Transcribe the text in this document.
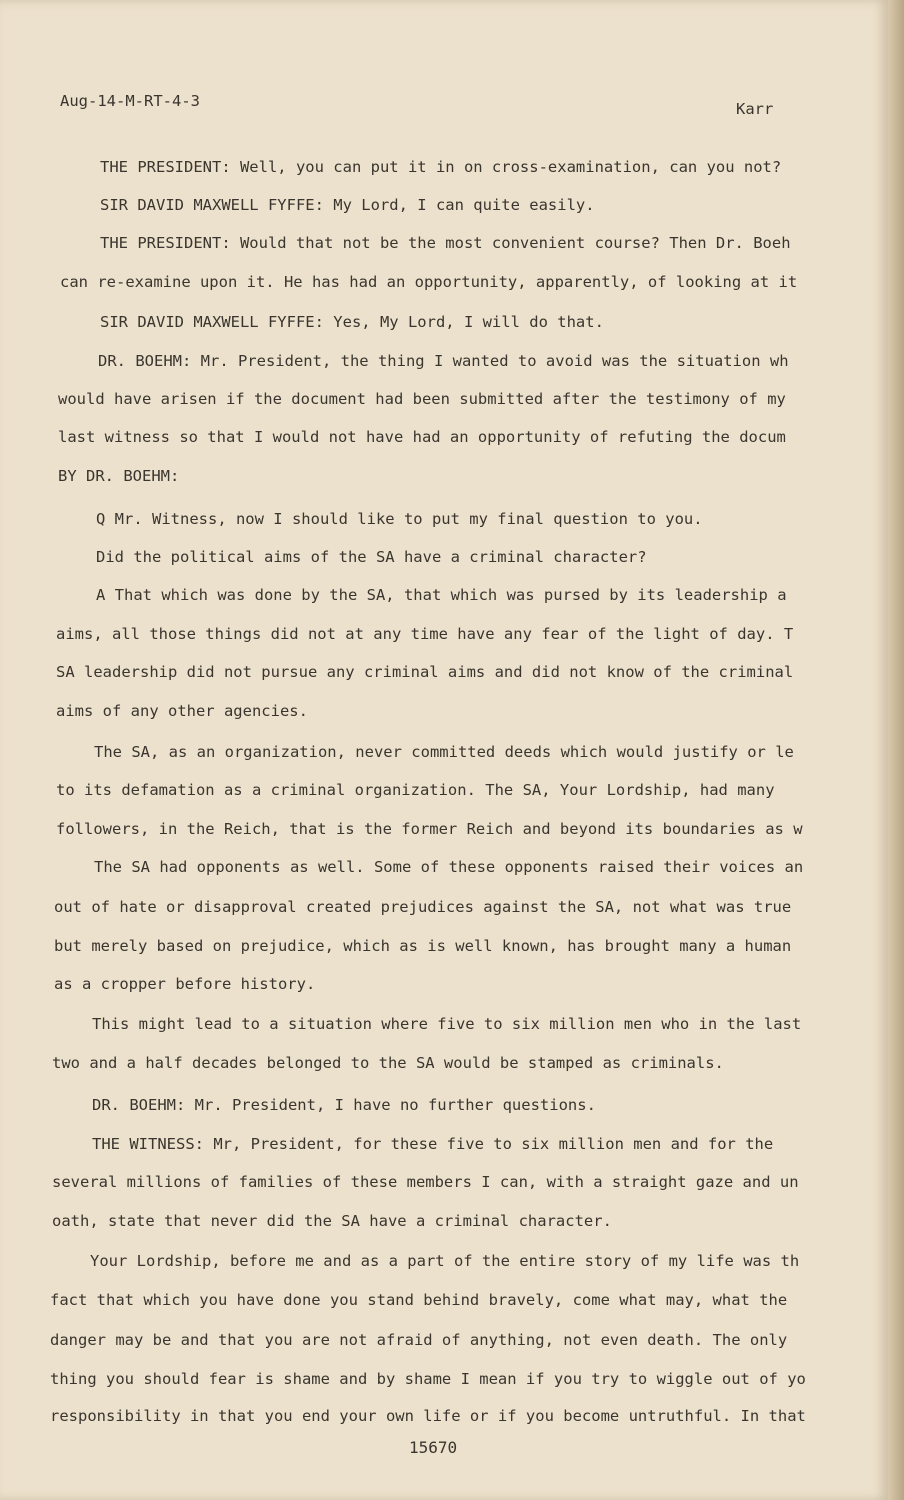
Aug-14-M-RT-4-3	Karr
THE PRESIDENT: Well, you can put it in on cross-examination, can you not?
SIR DAVID MAXWELL FYFFE: My Lord, I can quite easily.
THE PRESIDENT: Would that not be the most convenient course? Then Dr. Boeh
can re-examine upon it. He has had an opportunity, apparently, of looking at it
SIR DAVID MAXWELL FYFFE: Yes, My Lord, I will do that.
DR. BOEHM: Mr. President, the thing I wanted to avoid was the situation wh
would have arisen if the document had been submitted after the testimony of my
last witness so that I would not have had an opportunity of refuting the docum
BY DR. BOEHM:
Q Mr. Witness, now I should like to put my final question to you.
Did the political aims of the SA have a criminal character?
A That which was done by the SA, that which was pursed by its leadership a
aims, all those things did not at any time have any fear of the light of day. T
SA leadership did not pursue any criminal aims and did not know of the criminal
aims of any other agencies.
The SA, as an organization, never committed deeds which would justify or le
to its defamation as a criminal organization. The SA, Your Lordship, had many
followers, in the Reich, that is the former Reich and beyond its boundaries as w
The SA had opponents as well. Some of these opponents raised their voices an
out of hate or disapproval created prejudices against the SA, not what was true
but merely based on prejudice, which as is well known, has brought many a human
as a cropper before history.
This might lead to a situation where five to six million men who in the last
two and a half decades belonged to the SA would be stamped as criminals.
DR. BOEHM: Mr. President, I have no further questions.
THE WITNESS: Mr, President, for these five to six million men and for the
several millions of families of these members I can, with a straight gaze and un
oath, state that never did the SA have a criminal character.
Your Lordship, before me and as a part of the entire story of my life was th
fact that which you have done you stand behind bravely, come what may, what the
danger may be and that you are not afraid of anything, not even death. The only
thing you should fear is shame and by shame I mean if you try to wiggle out of yo
responsibility in that you end your own life or if you become untruthful. In that
15670
